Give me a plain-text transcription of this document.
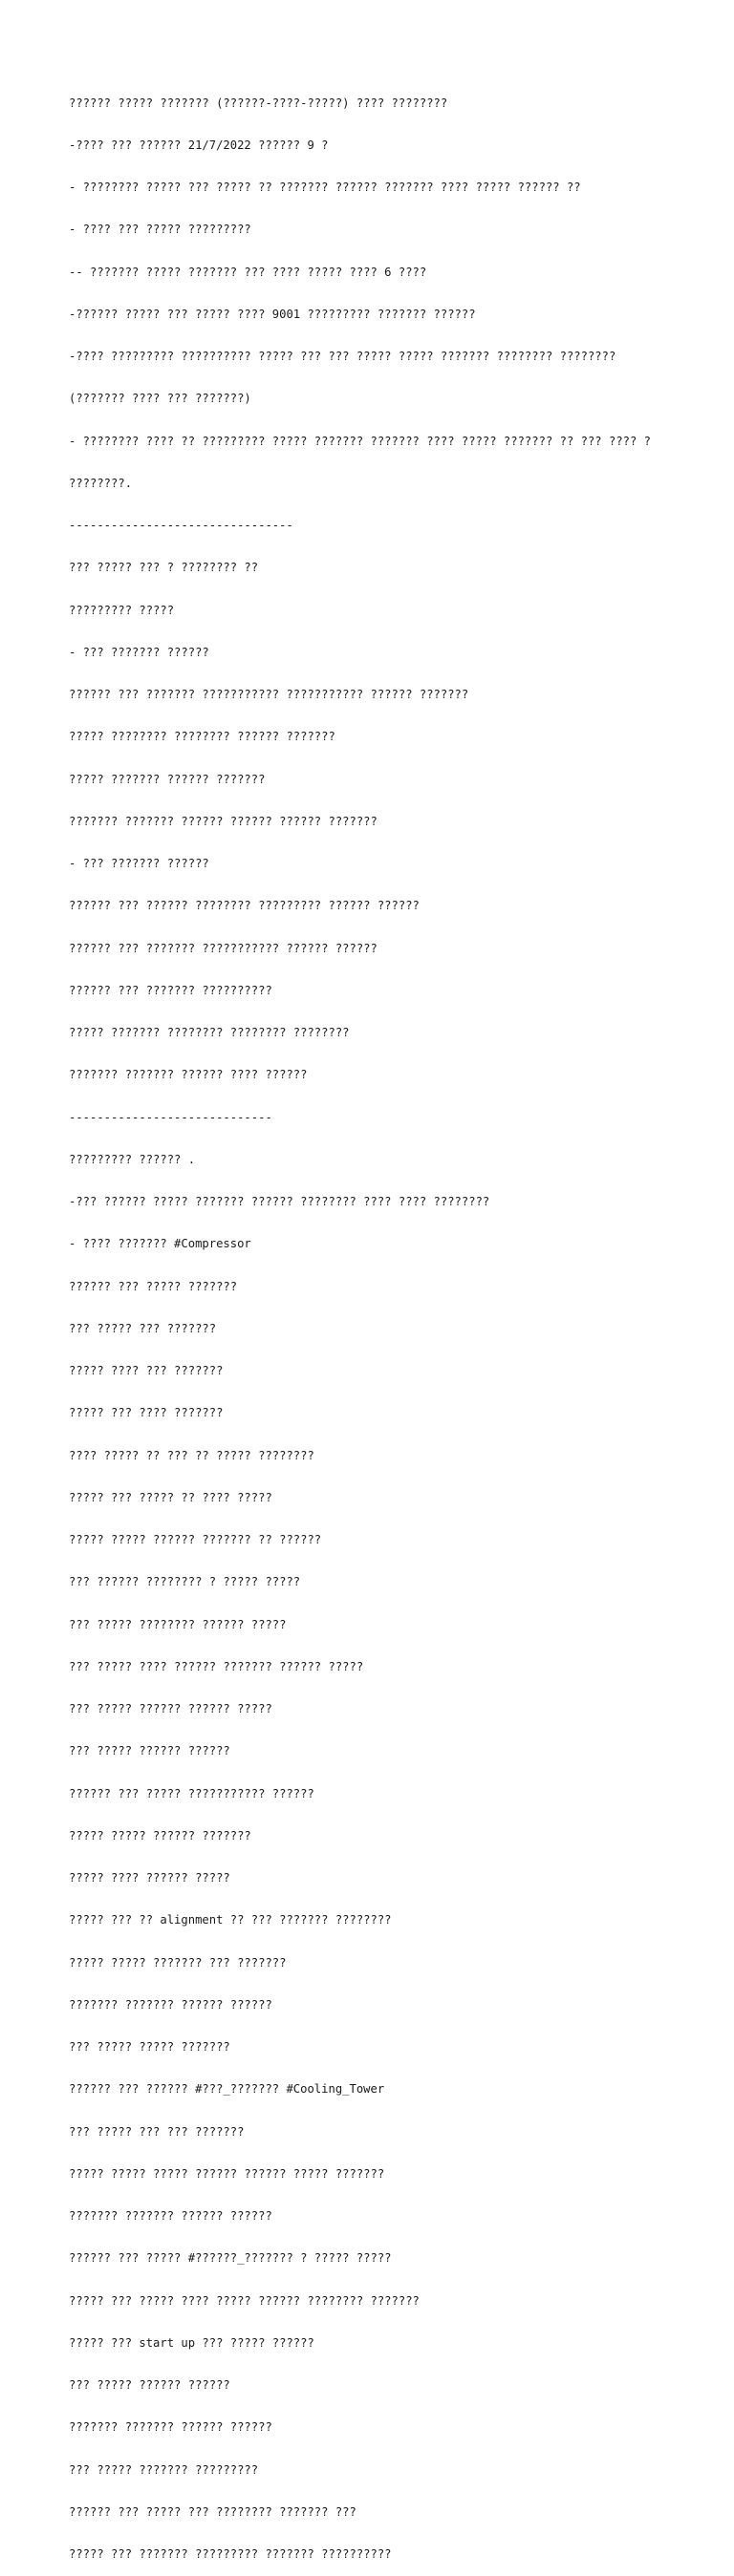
?????? ????? ??????? (??????-????-?????) ???? ????????

-???? ??? ?????? 21/7/2022 ?????? 9 ?

- ???????? ????? ??? ????? ?? ??????? ?????? ??????? ???? ????? ?????? ??

- ???? ??? ????? ?????????

-- ??????? ????? ??????? ??? ???? ????? ???? 6 ????

-?????? ????? ??? ????? ???? 9001 ????????? ??????? ??????

-???? ????????? ?????????? ????? ??? ??? ????? ????? ??????? ???????? ????????

(??????? ???? ??? ???????)

- ???????? ???? ?? ????????? ????? ??????? ??????? ???? ????? ??????? ?? ??? ???? ?

????????.

--------------------------------

??? ????? ??? ? ???????? ??

????????? ?????

- ??? ??????? ??????

?????? ??? ??????? ??????????? ??????????? ?????? ???????

????? ???????? ???????? ?????? ???????

????? ??????? ?????? ???????

??????? ??????? ?????? ?????? ?????? ???????

- ??? ??????? ??????

?????? ??? ?????? ???????? ????????? ?????? ??????

?????? ??? ??????? ??????????? ?????? ??????

?????? ??? ??????? ??????????

????? ??????? ???????? ???????? ????????

??????? ??????? ?????? ???? ??????

-----------------------------

????????? ?????? .

-??? ?????? ????? ??????? ?????? ???????? ???? ???? ????????

- ???? ??????? #Compressor

?????? ??? ????? ???????

??? ????? ??? ???????

????? ???? ??? ???????

????? ??? ???? ???????

???? ????? ?? ??? ?? ????? ????????

????? ??? ????? ?? ???? ?????

????? ????? ?????? ??????? ?? ??????

??? ?????? ???????? ? ????? ?????

??? ????? ???????? ?????? ?????

??? ????? ???? ?????? ??????? ?????? ?????

??? ????? ?????? ?????? ?????

??? ????? ?????? ??????

?????? ??? ????? ??????????? ??????

????? ????? ?????? ???????

????? ???? ?????? ?????

????? ??? ?? alignment ?? ??? ??????? ????????

????? ????? ??????? ??? ???????

??????? ??????? ?????? ??????

??? ????? ????? ???????

?????? ??? ?????? #???_??????? #Cooling_Tower

??? ????? ??? ??? ???????

????? ????? ????? ?????? ?????? ????? ???????

??????? ??????? ?????? ??????

?????? ??? ????? #??????_??????? ? ????? ?????

????? ??? ????? ???? ????? ?????? ???????? ???????

????? ??? start up ??? ????? ??????

??? ????? ?????? ??????

??????? ??????? ?????? ??????

??? ????? ??????? ?????????

?????? ??? ????? ??? ???????? ??????? ???

????? ??? ??????? ????????? ??????? ??????????
